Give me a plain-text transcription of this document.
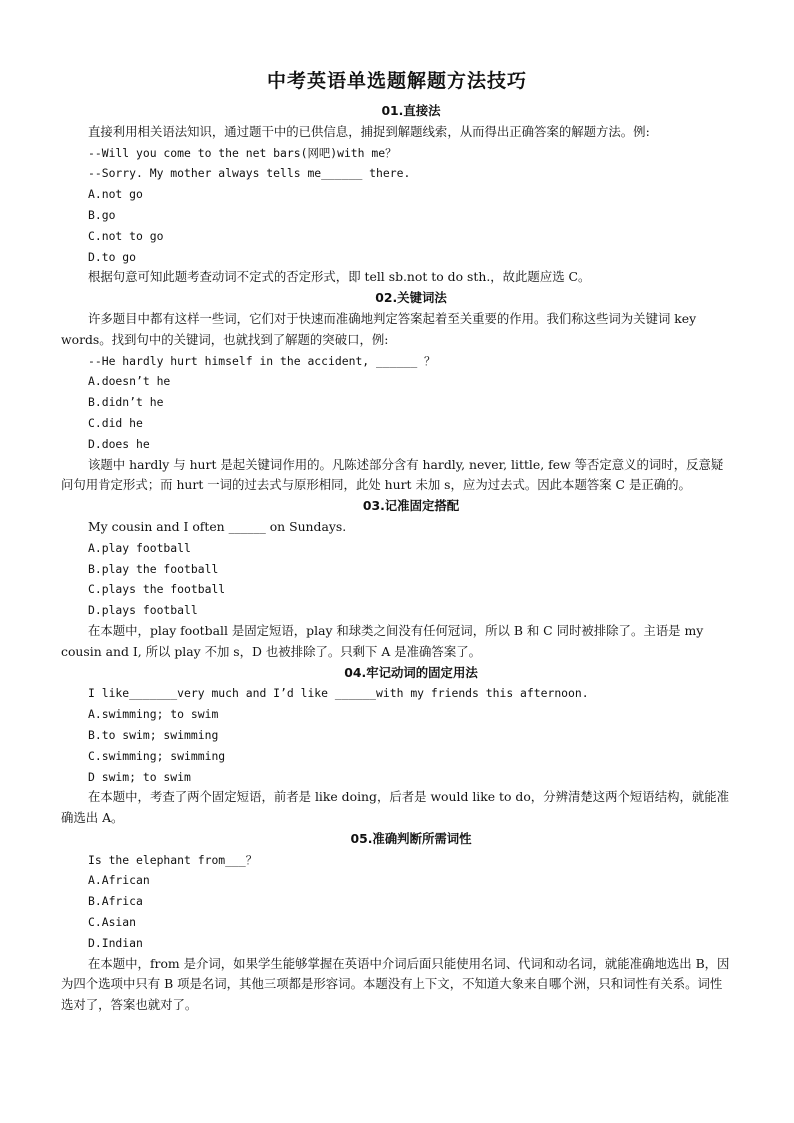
中考英语单选题解题方法技巧
01.直接法
直接利用相关语法知识，通过题干中的已供信息，捕捉到解题线索，从而得出正确答案的解题方法。例:
--Will you come to the net bars(网吧)with me？
--Sorry. My mother always tells me______ there.
A.not go
B.go
C.not to go
D.to go
根据句意可知此题考查动词不定式的否定形式，即 tell sb.not to do sth.，故此题应选 C。
02.关键词法
许多题目中都有这样一些词，它们对于快速而准确地判定答案起着至关重要的作用。我们称这些词为关键词 key words。找到句中的关键词，也就找到了解题的突破口，例:
--He hardly hurt himself in the accident, ______ ？
A.doesn’t he
B.didn’t he
C.did he
D.does he
该题中 hardly 与 hurt 是起关键词作用的。凡陈述部分含有 hardly, never, little, few 等否定意义的词时，反意疑问句用肯定形式；而 hurt 一词的过去式与原形相同，此处 hurt 未加 s，应为过去式。因此本题答案 C 是正确的。
03.记准固定搭配
My cousin and I often ______ on Sundays.
A.play football
B.play the football
C.plays the football
D.plays football
在本题中，play football 是固定短语，play 和球类之间没有任何冠词，所以 B 和 C 同时被排除了。主语是 my cousin and I, 所以 play 不加 s，D 也被排除了。只剩下 A 是准确答案了。
04.牢记动词的固定用法
I like_______very much and I’d like ______with my friends this afternoon.
A.swimming; to swim
B.to swim; swimming
C.swimming; swimming
D swim; to swim
在本题中，考查了两个固定短语，前者是 like doing，后者是 would like to do，分辨清楚这两个短语结构，就能准确选出 A。
05.准确判断所需词性
Is the elephant from___？
A.African
B.Africa
C.Asian
D.Indian
在本题中，from 是介词，如果学生能够掌握在英语中介词后面只能使用名词、代词和动名词，就能准确地选出 B，因为四个选项中只有 B 项是名词，其他三项都是形容词。本题没有上下文，不知道大象来自哪个洲，只和词性有关系。词性选对了，答案也就对了。
